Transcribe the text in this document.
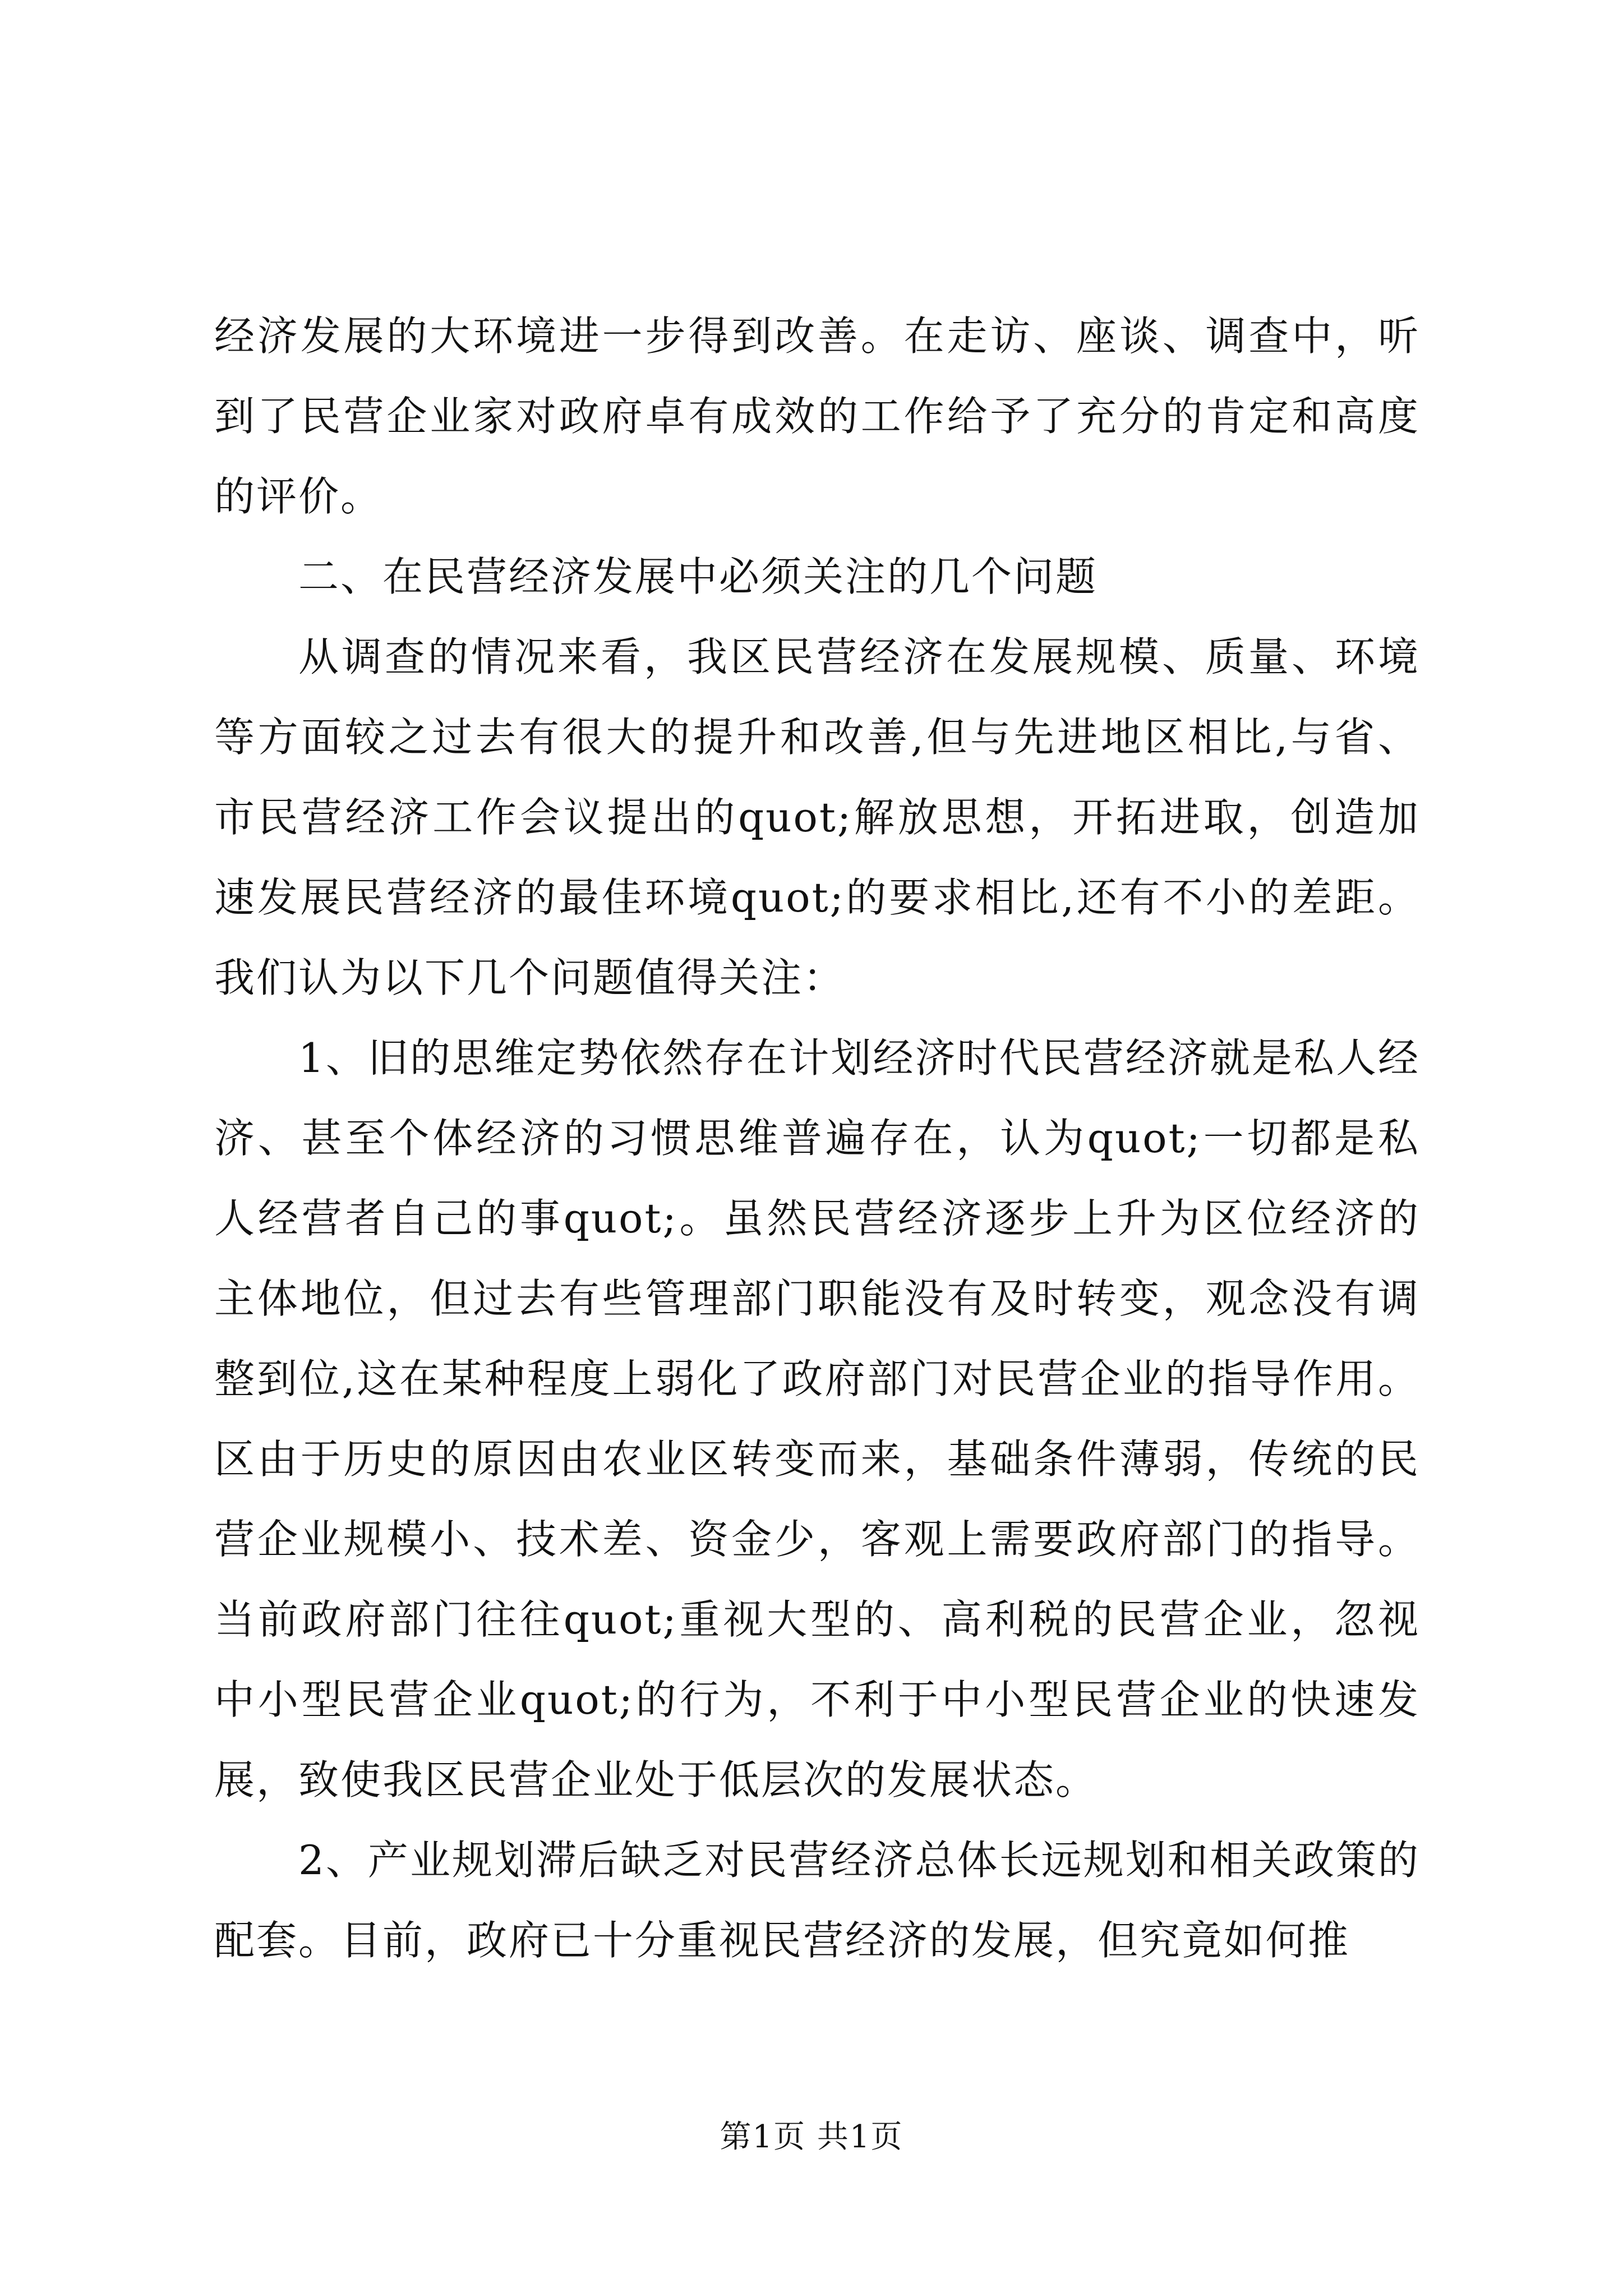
经济发展的大环境进一步得到改善。在走访、座谈、调查中，听到了民营企业家对政府卓有成效的工作给予了充分的肯定和高度的评价。

二、在民营经济发展中必须关注的几个问题

从调查的情况来看，我区民营经济在发展规模、质量、环境等方面较之过去有很大的提升和改善,但与先进地区相比,与省、市民营经济工作会议提出的quot;解放思想，开拓进取，创造加速发展民营经济的最佳环境quot;的要求相比,还有不小的差距。我们认为以下几个问题值得关注：

1、旧的思维定势依然存在计划经济时代民营经济就是私人经济、甚至个体经济的习惯思维普遍存在，认为quot;一切都是私人经营者自己的事quot;。虽然民营经济逐步上升为区位经济的主体地位，但过去有些管理部门职能没有及时转变，观念没有调整到位,这在某种程度上弱化了政府部门对民营企业的指导作用。区由于历史的原因由农业区转变而来，基础条件薄弱，传统的民营企业规模小、技术差、资金少，客观上需要政府部门的指导。当前政府部门往往quot;重视大型的、高利税的民营企业，忽视中小型民营企业quot;的行为，不利于中小型民营企业的快速发展，致使我区民营企业处于低层次的发展状态。

2、产业规划滞后缺乏对民营经济总体长远规划和相关政策的配套。目前，政府已十分重视民营经济的发展，但究竟如何推

第1页 共1页
